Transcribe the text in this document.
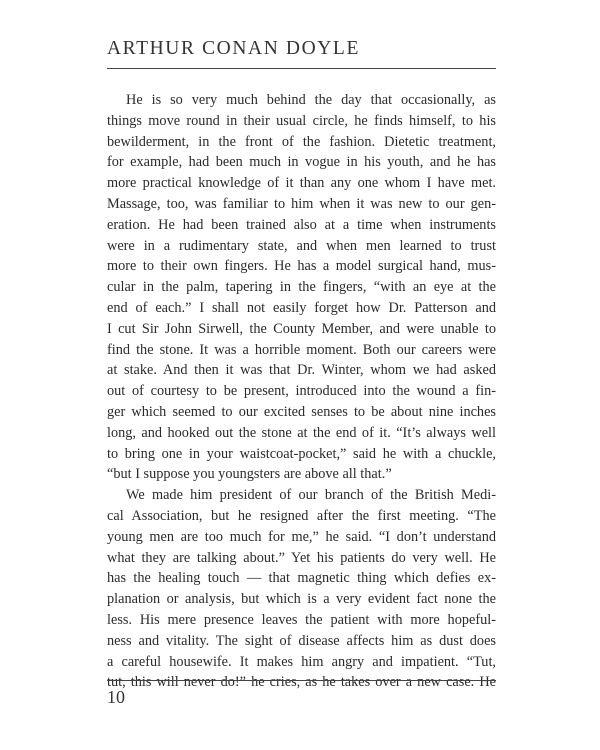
ARTHUR CONAN DOYLE
He is so very much behind the day that occasionally, as
things move round in their usual circle, he finds himself, to his
bewilderment, in the front of the fashion. Dietetic treatment,
for example, had been much in vogue in his youth, and he has
more practical knowledge of it than any one whom I have met.
Massage, too, was familiar to him when it was new to our gen-
eration. He had been trained also at a time when instruments
were in a rudimentary state, and when men learned to trust
more to their own fingers. He has a model surgical hand, mus-
cular in the palm, tapering in the fingers, “with an eye at the
end of each.” I shall not easily forget how Dr. Patterson and
I cut Sir John Sirwell, the County Member, and were unable to
find the stone. It was a horrible moment. Both our careers were
at stake. And then it was that Dr. Winter, whom we had asked
out of courtesy to be present, introduced into the wound a fin-
ger which seemed to our excited senses to be about nine inches
long, and hooked out the stone at the end of it. “It’s always well
to bring one in your waistcoat-pocket,” said he with a chuckle,
“but I suppose you youngsters are above all that.”
We made him president of our branch of the British Medi-
cal Association, but he resigned after the first meeting. “The
young men are too much for me,” he said. “I don’t understand
what they are talking about.” Yet his patients do very well. He
has the healing touch — that magnetic thing which defies ex-
planation or analysis, but which is a very evident fact none the
less. His mere presence leaves the patient with more hopeful-
ness and vitality. The sight of disease affects him as dust does
a careful housewife. It makes him angry and impatient. “Tut,
tut, this will never do!” he cries, as he takes over a new case. He
10
